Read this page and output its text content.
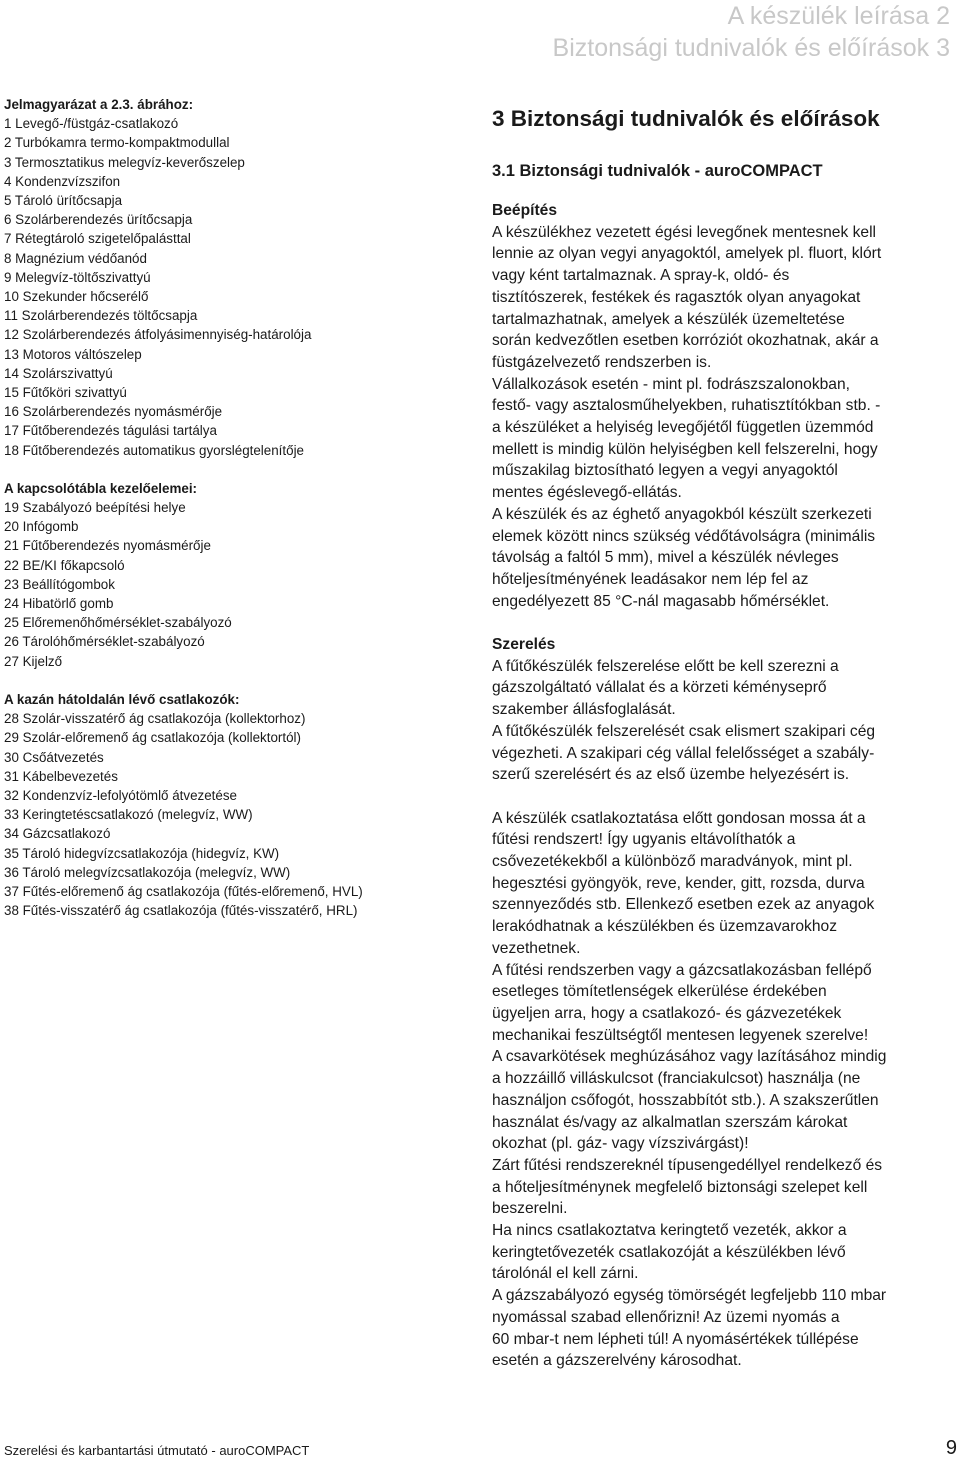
A készülék leírása 2
Biztonsági tudnivalók és előírások 3
Jelmagyarázat a 2.3. ábrához:
1 Levegő-/füstgáz-csatlakozó
2 Turbókamra termo-kompaktmodullal
3 Termosztatikus melegvíz-keverőszelep
4 Kondenzvízszifon
5 Tároló ürítőcsapja
6 Szolárberendezés ürítőcsapja
7 Rétegtároló szigetelőpalásttal
8 Magnézium védőanód
9 Melegvíz-töltőszivattyú
10 Szekunder hőcserélő
11 Szolárberendezés töltőcsapja
12 Szolárberendezés átfolyásimennyiség-határolója
13 Motoros váltószelep
14 Szolárszivattyú
15 Fűtőköri szivattyú
16 Szolárberendezés nyomásmérője
17 Fűtőberendezés tágulási tartálya
18 Fűtőberendezés automatikus gyorslégtelenítője
A kapcsolótábla kezelőelemei:
19 Szabályozó beépítési helye
20 Infógomb
21 Fűtőberendezés nyomásmérője
22 BE/KI főkapcsoló
23 Beállítógombok
24 Hibatörlő gomb
25 Előremenőhőmérséklet-szabályozó
26 Tárolóhőmérséklet-szabályozó
27 Kijelző
A kazán hátoldalán lévő csatlakozók:
28 Szolár-visszatérő ág csatlakozója (kollektorhoz)
29 Szolár-előremenő ág csatlakozója (kollektortól)
30 Csőátvezetés
31 Kábelbevezetés
32 Kondenzvíz-lefolyótömlő átvezetése
33 Keringtetéscsatlakozó (melegvíz, WW)
34 Gázcsatlakozó
35 Tároló hidegvízcsatlakozója (hidegvíz, KW)
36 Tároló melegvízcsatlakozója (melegvíz, WW)
37 Fűtés-előremenő ág csatlakozója (fűtés-előremenő, HVL)
38 Fűtés-visszatérő ág csatlakozója (fűtés-visszatérő, HRL)
3 Biztonsági tudnivalók és előírások
3.1 Biztonsági tudnivalók - auroCOMPACT
Beépítés
A készülékhez vezetett égési levegőnek mentesnek kell
lennie az olyan vegyi anyagoktól, amelyek pl. fluort, klórt
vagy ként tartalmaznak. A spray-k, oldó- és
tisztítószerek, festékek és ragasztók olyan anyagokat
tartalmazhatnak, amelyek a készülék üzemeltetése
során kedvezőtlen esetben korróziót okozhatnak, akár a
füstgázelvezető rendszerben is.
Vállalkozások esetén - mint pl. fodrászszalonokban,
festő- vagy asztalosműhelyekben, ruhatisztítókban stb. -
a készüléket a helyiség levegőjétől független üzemmód
mellett is mindig külön helyiségben kell felszerelni, hogy
műszakilag biztosítható legyen a vegyi anyagoktól
mentes égéslevegő-ellátás.
A készülék és az éghető anyagokból készült szerkezeti
elemek között nincs szükség védőtávolságra (minimális
távolság a faltól 5 mm), mivel a készülék névleges
hőteljesítményének leadásakor nem lép fel az
engedélyezett 85 °C-nál magasabb hőmérséklet.
Szerelés
A fűtőkészülék felszerelése előtt be kell szerezni a
gázszolgáltató vállalat és a körzeti kéményseprő
szakember állásfoglalását.
A fűtőkészülék felszerelését csak elismert szakipari cég
végezheti. A szakipari cég vállal felelősséget a szabály-
szerű szerelésért és az első üzembe helyezésért is.
A készülék csatlakoztatása előtt gondosan mossa át a
fűtési rendszert! Így ugyanis eltávolíthatók a
csővezetékekből a különböző maradványok, mint pl.
hegesztési gyöngyök, reve, kender, gitt, rozsda, durva
szennyeződés stb. Ellenkező esetben ezek az anyagok
lerakódhatnak a készülékben és üzemzavarokhoz
vezethetnek.
A fűtési rendszerben vagy a gázcsatlakozásban fellépő
esetleges tömítetlenségek elkerülése érdekében
ügyeljen arra, hogy a csatlakozó- és gázvezetékek
mechanikai feszültségtől mentesen legyenek szerelve!
A csavarkötések meghúzásához vagy lazításához mindig
a hozzáillő villáskulcsot (franciakulcsot) használja (ne
használjon csőfogót, hosszabbítót stb.). A szakszerűtlen
használat és/vagy az alkalmatlan szerszám károkat
okozhat (pl. gáz- vagy vízszivárgást)!
Zárt fűtési rendszereknél típusengedéllyel rendelkező és
a hőteljesítménynek megfelelő biztonsági szelepet kell
beszerelni.
Ha nincs csatlakoztatva keringtető vezeték, akkor a
keringtetővezeték csatlakozóját a készülékben lévő
tárolónál el kell zárni.
A gázszabályozó egység tömörségét legfeljebb 110 mbar
nyomással szabad ellenőrizni! Az üzemi nyomás a
60 mbar-t nem lépheti túl! A nyomásértékek túllépése
esetén a gázszerelvény károsodhat.
Szerelési és karbantartási útmutató - auroCOMPACT	9
